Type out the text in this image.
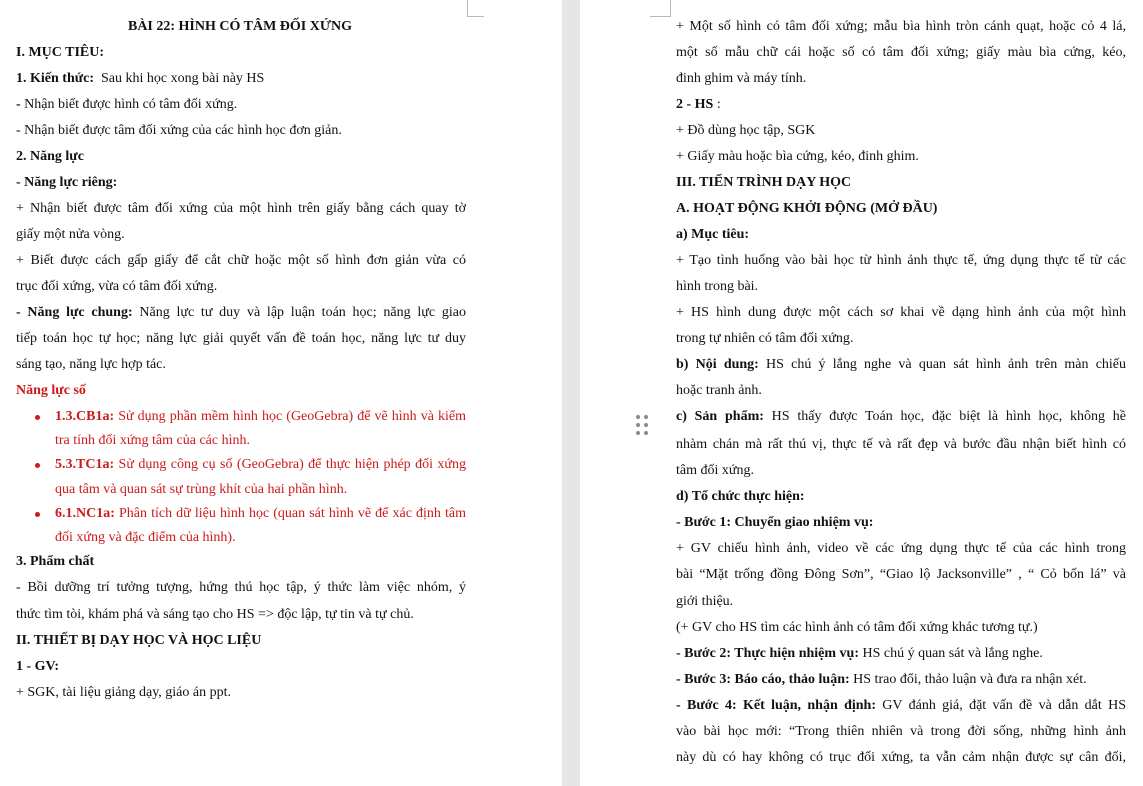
BÀI 22: HÌNH CÓ TÂM ĐỐI XỨNG
I. MỤC TIÊU:
1. Kiến thức: Sau khi học xong bài này HS
- Nhận biết được hình có tâm đối xứng.
- Nhận biết được tâm đối xứng của các hình học đơn giản.
2. Năng lực
- Năng lực riêng:
+ Nhận biết được tâm đối xứng của một hình trên giấy bằng cách quay tờ
giấy một nửa vòng.
+ Biết được cách gấp giấy để cắt chữ hoặc một số hình đơn giản vừa có
trục đối xứng, vừa có tâm đối xứng.
- Năng lực chung: Năng lực tư duy và lập luận toán học; năng lực giao
tiếp toán học tự học; năng lực giải quyết vấn đề toán học, năng lực tư duy
sáng tạo, năng lực hợp tác.
Năng lực số
1.3.CB1a: Sử dụng phần mềm hình học (GeoGebra) để vẽ hình và kiểm
tra tính đối xứng tâm của các hình.
5.3.TC1a: Sử dụng công cụ số (GeoGebra) để thực hiện phép đối xứng
qua tâm và quan sát sự trùng khít của hai phần hình.
6.1.NC1a: Phân tích dữ liệu hình học (quan sát hình vẽ để xác định tâm
đối xứng và đặc điểm của hình).
3. Phẩm chất
- Bồi dưỡng trí tưởng tượng, hứng thú học tập, ý thức làm việc nhóm, ý
thức tìm tòi, khám phá và sáng tạo cho HS => độc lập, tự tin và tự chủ.
II. THIẾT BỊ DẠY HỌC VÀ HỌC LIỆU
1 - GV:
+ SGK, tài liệu giảng dạy, giáo án ppt.
+ Một số hình có tâm đối xứng; mẫu bìa hình tròn cánh quạt, hoặc cỏ 4 lá,
một số mẫu chữ cái hoặc số có tâm đối xứng; giấy màu bìa cứng, kéo,
đinh ghim và máy tính.
2 - HS :
+ Đồ dùng học tập, SGK
+ Giấy màu hoặc bìa cứng, kéo, đinh ghim.
III. TIẾN TRÌNH DẠY HỌC
A. HOẠT ĐỘNG KHỞI ĐỘNG (MỞ ĐẦU)
a) Mục tiêu:
+ Tạo tình huống vào bài học từ hình ảnh thực tế, ứng dụng thực tế từ các
hình trong bài.
+ HS hình dung được một cách sơ khai về dạng hình ảnh của một hình
trong tự nhiên có tâm đối xứng.
b) Nội dung: HS chú ý lắng nghe và quan sát hình ảnh trên màn chiếu
hoặc tranh ảnh.
c) Sản phẩm: HS thấy được Toán học, đặc biệt là hình học, không hề
nhàm chán mà rất thú vị, thực tế và rất đẹp và bước đầu nhận biết hình có
tâm đối xứng.
d) Tổ chức thực hiện:
- Bước 1: Chuyển giao nhiệm vụ:
+ GV chiếu hình ảnh, video về các ứng dụng thực tế của các hình trong
bài “Mặt trống đồng Đông Sơn”, “Giao lộ Jacksonville” , “ Cỏ bốn lá” và
giới thiệu.
(+ GV cho HS tìm các hình ảnh có tâm đối xứng khác tương tự.)
- Bước 2: Thực hiện nhiệm vụ: HS chú ý quan sát và lắng nghe.
- Bước 3: Báo cáo, thảo luận: HS trao đổi, thảo luận và đưa ra nhận xét.
- Bước 4: Kết luận, nhận định: GV đánh giá, đặt vấn đề và dẫn dắt HS
vào bài học mới: “Trong thiên nhiên và trong đời sống, những hình ảnh
này dù có hay không có trục đối xứng, ta vẫn cảm nhận được sự cân đối,
